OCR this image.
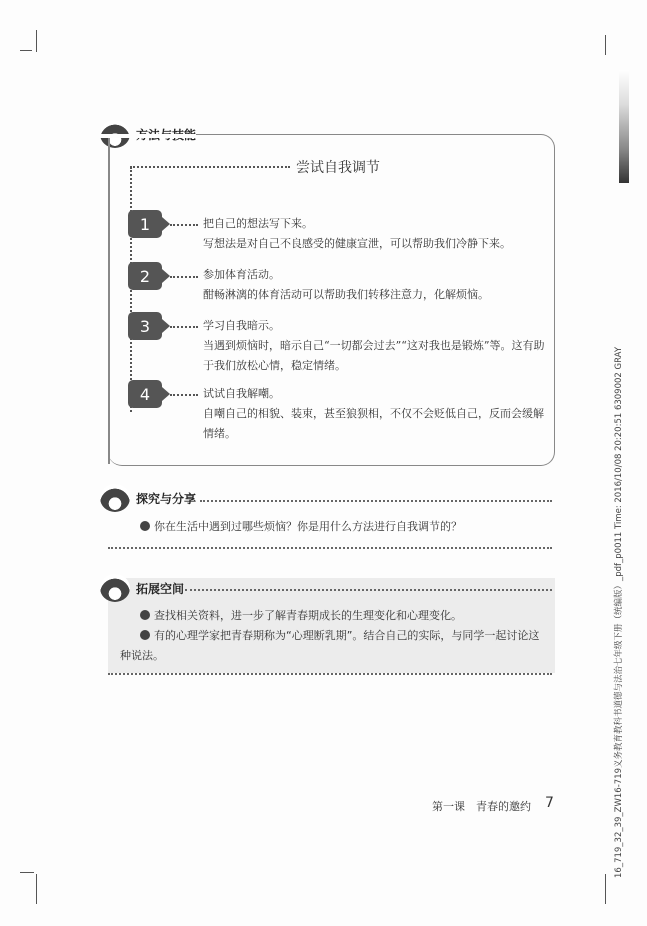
尝试自我调节
1	把自己的想法写下来。
写想法是对自己不良感受的健康宣泄，可以帮助我们冷静下来。
2	参加体育活动。
酣畅淋漓的体育活动可以帮助我们转移注意力，化解烦恼。
3	学习自我暗示。
当遇到烦恼时，暗示自己“一切都会过去”“这对我也是锻炼”等。这有助于我们放松心情，稳定情绪。
4	试试自我解嘲。
自嘲自己的相貌、装束，甚至狼狈相，不仅不会贬低自己，反而会缓解情绪。
探究与分享
你在生活中遇到过哪些烦恼？你是用什么方法进行自我调节的？
拓展空间
查找相关资料，进一步了解青春期成长的生理变化和心理变化。
有的心理学家把青春期称为“心理断乳期”。结合自己的实际，与同学一起讨论这种说法。
第一课　青春的邀约 7	16_719_32_39_ZW16-719义务教育教科书道德与法治七年级下册（统编版）_pdf_p0011 Time: 2016/10/08 20:20:51 6309002 GRAY
